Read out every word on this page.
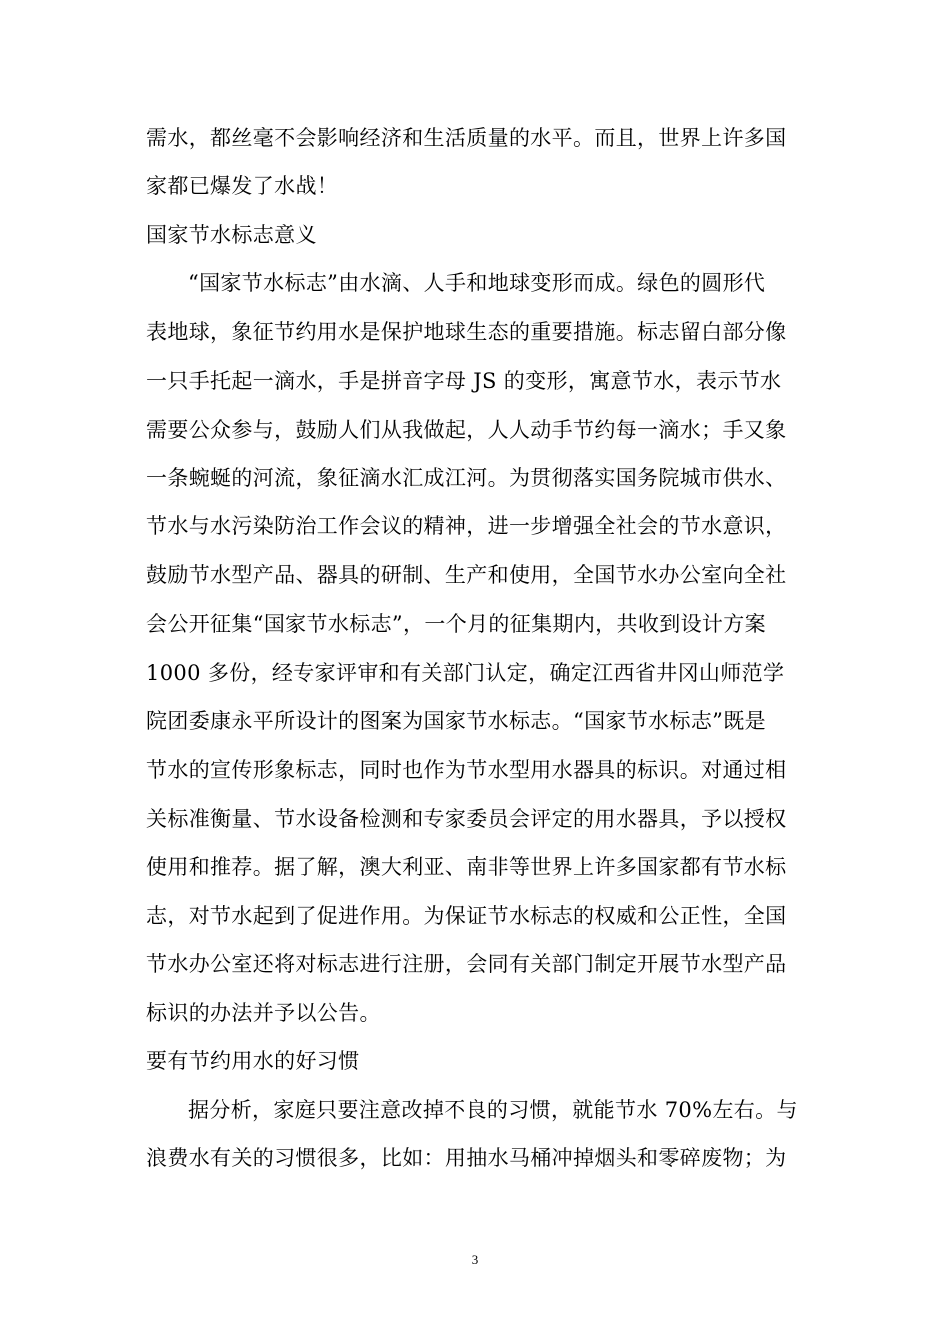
需水，都丝毫不会影响经济和生活质量的水平。而且，世界上许多国
家都已爆发了水战！
国家节水标志意义
“国家节水标志”由水滴、人手和地球变形而成。绿色的圆形代
表地球，象征节约用水是保护地球生态的重要措施。标志留白部分像
一只手托起一滴水，手是拼音字母 JS 的变形，寓意节水，表示节水
需要公众参与，鼓励人们从我做起，人人动手节约每一滴水；手又象
一条蜿蜒的河流，象征滴水汇成江河。为贯彻落实国务院城市供水、
节水与水污染防治工作会议的精神，进一步增强全社会的节水意识，
鼓励节水型产品、器具的研制、生产和使用，全国节水办公室向全社
会公开征集“国家节水标志”，一个月的征集期内，共收到设计方案
1000 多份，经专家评审和有关部门认定，确定江西省井冈山师范学
院团委康永平所设计的图案为国家节水标志。“国家节水标志”既是
节水的宣传形象标志，同时也作为节水型用水器具的标识。对通过相
关标准衡量、节水设备检测和专家委员会评定的用水器具，予以授权
使用和推荐。据了解，澳大利亚、南非等世界上许多国家都有节水标
志，对节水起到了促进作用。为保证节水标志的权威和公正性，全国
节水办公室还将对标志进行注册，会同有关部门制定开展节水型产品
标识的办法并予以公告。
要有节约用水的好习惯
据分析，家庭只要注意改掉不良的习惯，就能节水 70%左右。与
浪费水有关的习惯很多，比如：用抽水马桶冲掉烟头和零碎废物；为
3
